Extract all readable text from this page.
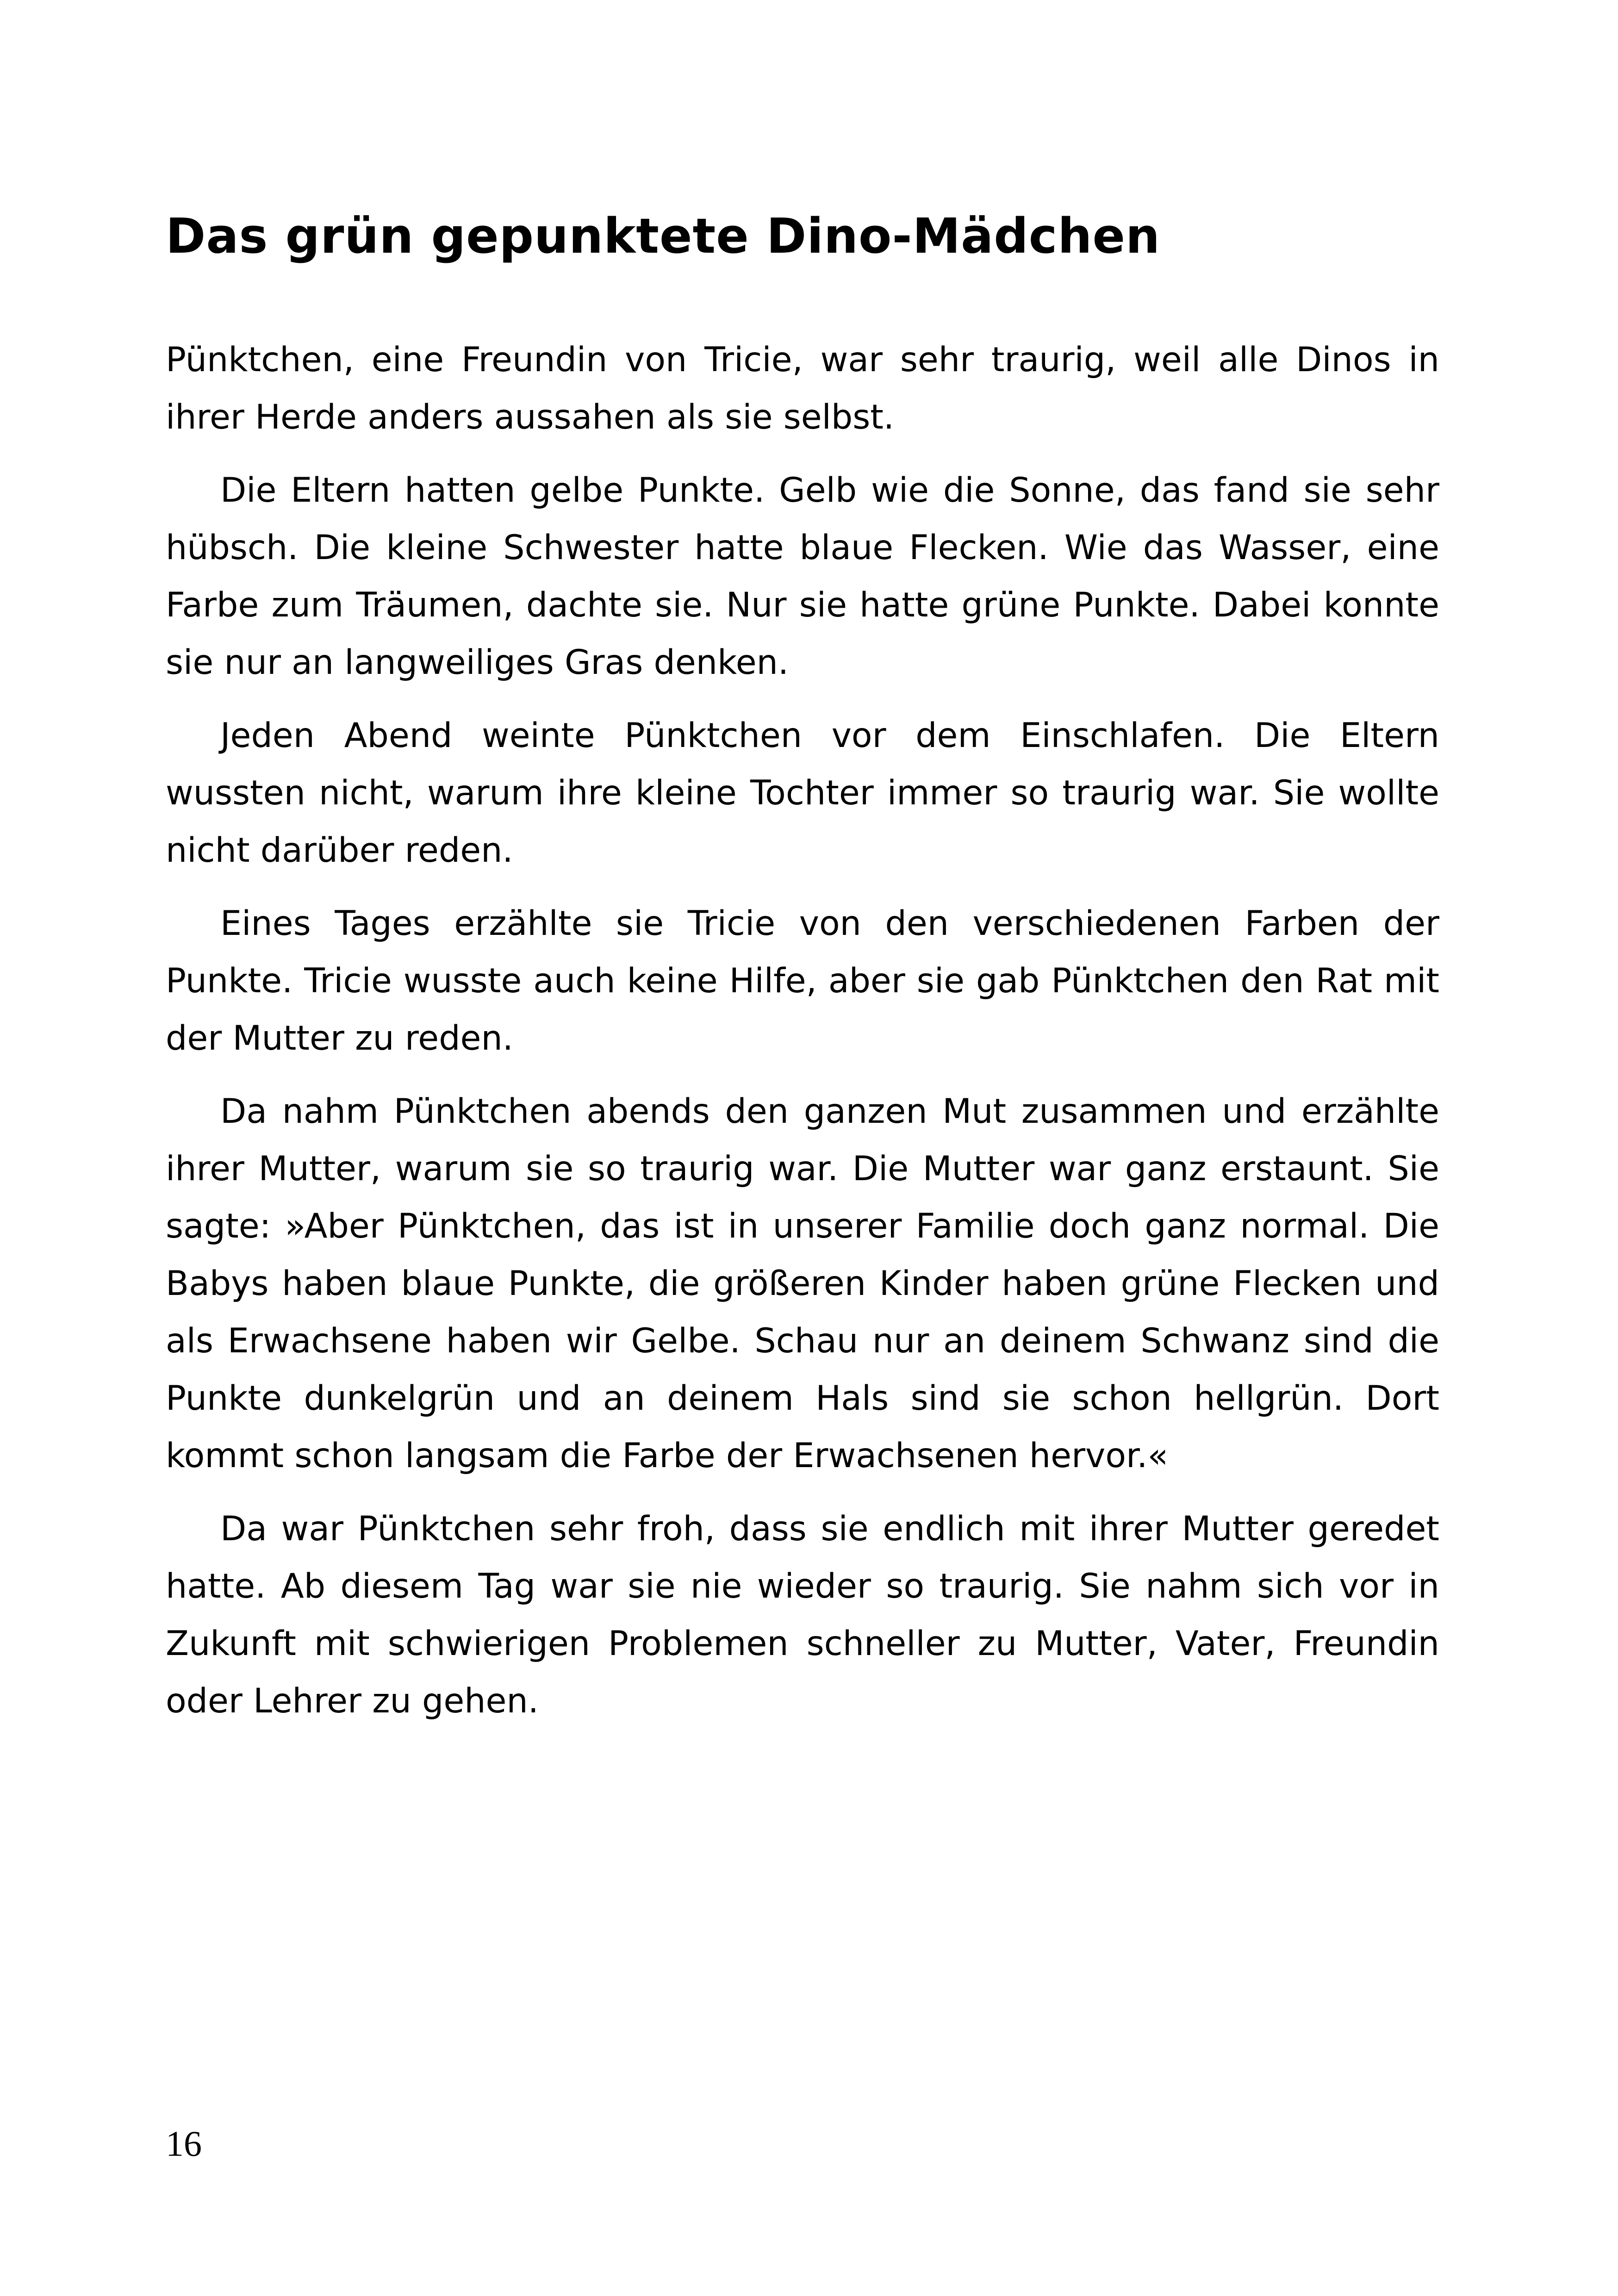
Das grün gepunktete Dino-Mädchen

Pünktchen, eine Freundin von Tricie, war sehr traurig, weil alle Dinos in ihrer Herde anders aussahen als sie selbst.

Die Eltern hatten gelbe Punkte. Gelb wie die Sonne, das fand sie sehr hübsch. Die kleine Schwester hatte blaue Flecken. Wie das Wasser, eine Farbe zum Träumen, dachte sie. Nur sie hatte grüne Punkte. Dabei konnte sie nur an langweiliges Gras denken.

Jeden Abend weinte Pünktchen vor dem Einschlafen. Die Eltern wussten nicht, warum ihre kleine Tochter immer so traurig war. Sie wollte nicht darüber reden.

Eines Tages erzählte sie Tricie von den verschiedenen Farben der Punkte. Tricie wusste auch keine Hilfe, aber sie gab Pünktchen den Rat mit der Mutter zu reden.

Da nahm Pünktchen abends den ganzen Mut zusammen und erzählte ihrer Mutter, warum sie so traurig war. Die Mutter war ganz erstaunt. Sie sagte: »Aber Pünktchen, das ist in unserer Familie doch ganz normal. Die Babys haben blaue Punkte, die größeren Kinder haben grüne Flecken und als Erwachsene haben wir Gelbe. Schau nur an deinem Schwanz sind die Punkte dunkelgrün und an deinem Hals sind sie schon hellgrün. Dort kommt schon langsam die Farbe der Erwachsenen hervor.«

Da war Pünktchen sehr froh, dass sie endlich mit ihrer Mutter geredet hatte. Ab diesem Tag war sie nie wieder so traurig. Sie nahm sich vor in Zukunft mit schwierigen Problemen schneller zu Mutter, Vater, Freundin oder Lehrer zu gehen.

16
